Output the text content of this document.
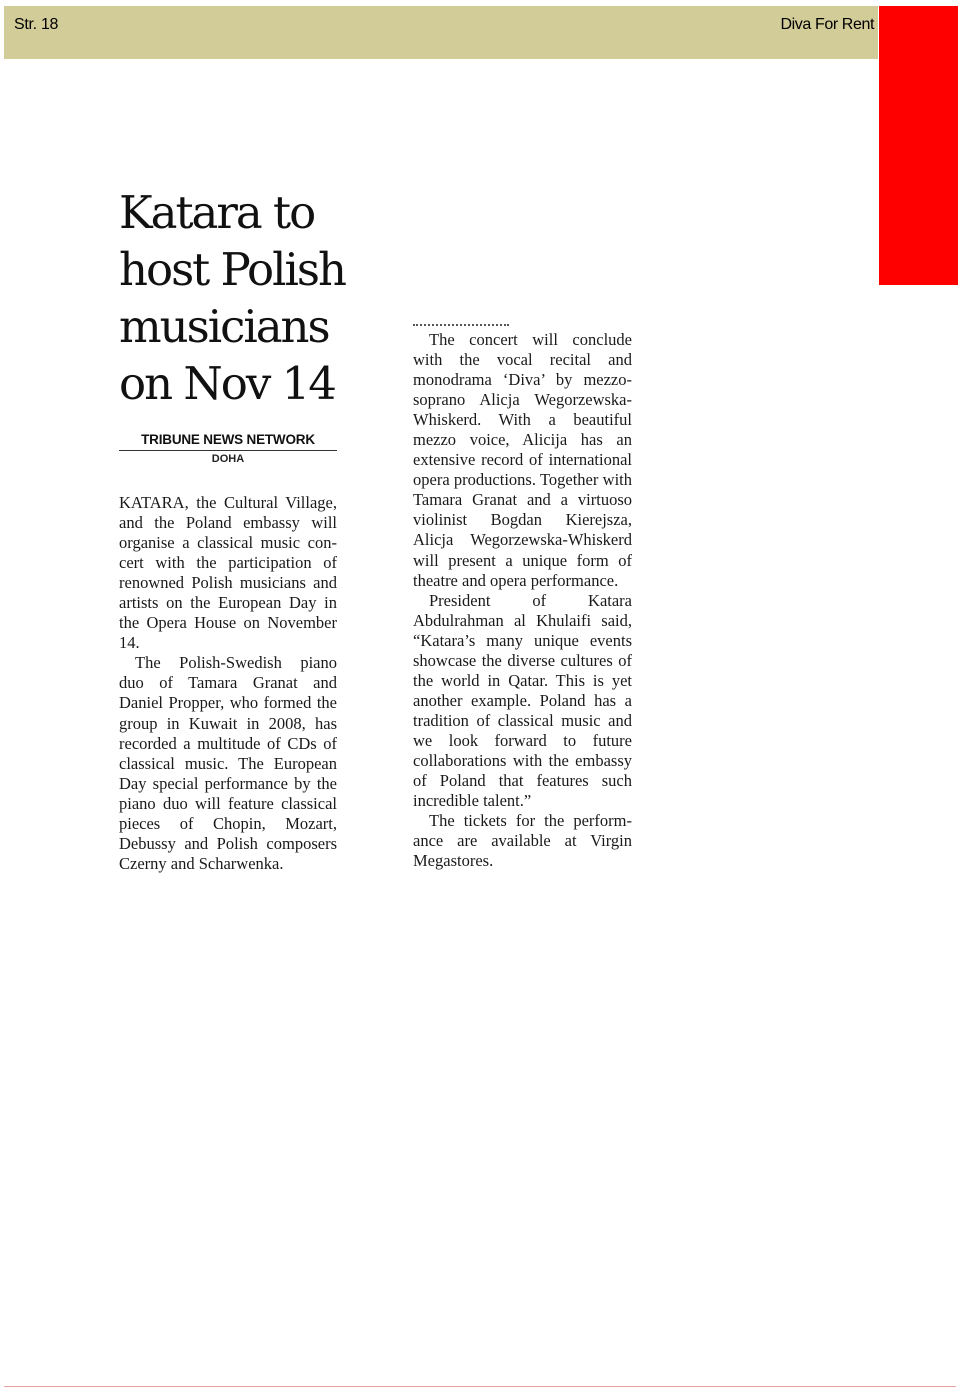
Str. 18	Diva For Rent
Katara to
host Polish
musicians
on Nov 14
TRIBUNE NEWS NETWORK
DOHA

KATARA, the Cultural Village, and the Poland embassy will organise a classical music concert with the participation of renowned Polish musicians and artists on the European Day in the Opera House on November 14.

The Polish-Swedish piano duo of Tamara Granat and Daniel Propper, who formed the group in Kuwait in 2008, has recorded a multitude of CDs of classical music. The European Day special performance by the piano duo will feature classical pieces of Chopin, Mozart, Debussy and Polish composers Czerny and Scharwenka.

The concert will conclude with the vocal recital and monodrama ‘Diva’ by mezzo-soprano Alicja Wegorzewska-Whiskerd. With a beautiful mezzo voice, Alicija has an extensive record of international opera productions. Together with Tamara Granat and a virtuoso violinist Bogdan Kierejsza, Alicja Wegorzewska-Whiskerd will present a unique form of theatre and opera performance.

President of Katara Abdulrahman al Khulaifi said, “Katara’s many unique events showcase the diverse cultures of the world in Qatar. This is yet another example. Poland has a tradition of classical music and we look forward to future collaborations with the embassy of Poland that features such incredible talent.”

The tickets for the performance are available at Virgin Megastores.
